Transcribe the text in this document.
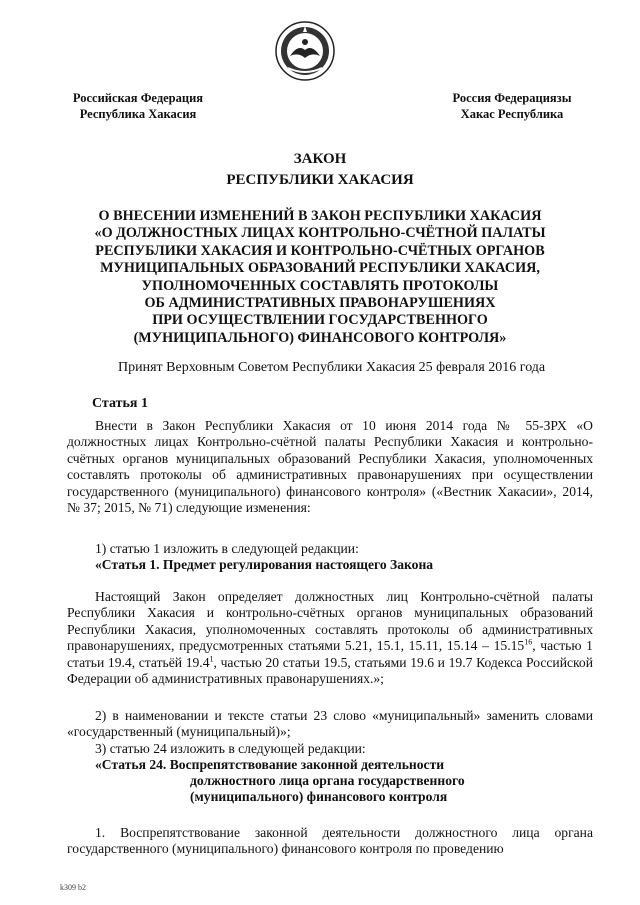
Российская Федерация
Республика Хакасия
Россия Федерациязы
Хакас Республика
ЗАКОН
РЕСПУБЛИКИ ХАКАСИЯ
О ВНЕСЕНИИ ИЗМЕНЕНИЙ В ЗАКОН РЕСПУБЛИКИ ХАКАСИЯ
«О ДОЛЖНОСТНЫХ ЛИЦАХ КОНТРОЛЬНО-СЧЁТНОЙ ПАЛАТЫ
РЕСПУБЛИКИ ХАКАСИЯ И КОНТРОЛЬНО-СЧЁТНЫХ ОРГАНОВ
МУНИЦИПАЛЬНЫХ ОБРАЗОВАНИЙ РЕСПУБЛИКИ ХАКАСИЯ,
УПОЛНОМОЧЕННЫХ СОСТАВЛЯТЬ ПРОТОКОЛЫ
ОБ АДМИНИСТРАТИВНЫХ ПРАВОНАРУШЕНИЯХ
ПРИ ОСУЩЕСТВЛЕНИИ ГОСУДАРСТВЕННОГО
(МУНИЦИПАЛЬНОГО) ФИНАНСОВОГО КОНТРОЛЯ»
Принят Верховным Советом Республики Хакасия 25 февраля 2016 года
Статья 1
Внести в Закон Республики Хакасия от 10 июня 2014 года № 55-ЗРХ «О должностных лицах Контрольно-счётной палаты Республики Хакасия и контрольно-счётных органов муниципальных образований Республики Хакасия, уполномоченных составлять протоколы об административных правонарушениях при осуществлении государственного (муниципального) финансового контроля» («Вестник Хакасии», 2014, № 37; 2015, № 71) следующие изменения:
1) статью 1 изложить в следующей редакции:
«Статья 1. Предмет регулирования настоящего Закона
Настоящий Закон определяет должностных лиц Контрольно-счётной палаты Республики Хакасия и контрольно-счётных органов муниципальных образований Республики Хакасия, уполномоченных составлять протоколы об административных правонарушениях, предусмотренных статьями 5.21, 15.1, 15.11, 15.14 – 15.15$^{16}$, частью 1 статьи 19.4, статьёй 19.4$^1$, частью 20 статьи 19.5, статьями 19.6 и 19.7 Кодекса Российской Федерации об административных правонарушениях.»;
2) в наименовании и тексте статьи 23 слово «муниципальный» заменить словами «государственный (муниципальный)»;
3) статью 24 изложить в следующей редакции:
«Статья 24. Воспрепятствование законной деятельности
должностного лица органа государственного
(муниципального) финансового контроля
1. Воспрепятствование законной деятельности должностного лица органа государственного (муниципального) финансового контроля по проведению
k309 b2
